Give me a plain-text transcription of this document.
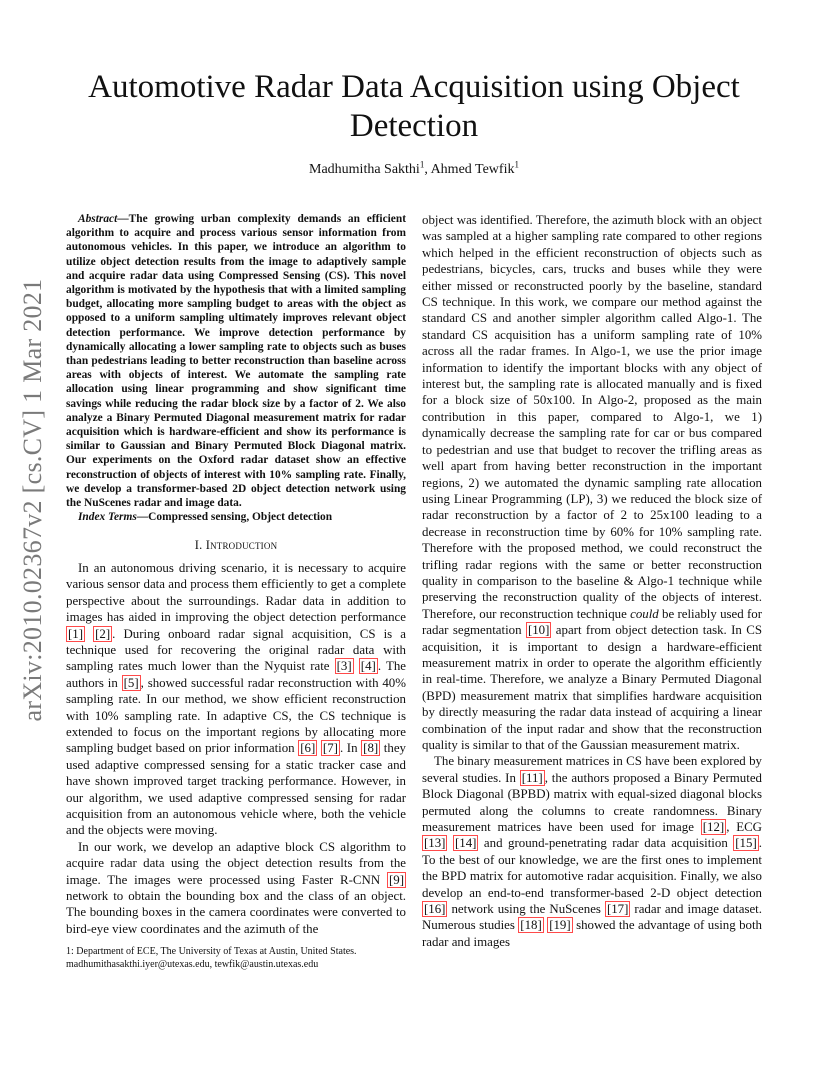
arXiv:2010.02367v2 [cs.CV] 1 Mar 2021
Automotive Radar Data Acquisition using Object Detection
Madhumitha Sakthi$^1$, Ahmed Tewfik$^1$

Abstract—The growing urban complexity demands an efficient algorithm to acquire and process various sensor information from autonomous vehicles. In this paper, we introduce an algorithm to utilize object detection results from the image to adaptively sample and acquire radar data using Compressed Sensing (CS). This novel algorithm is motivated by the hypothesis that with a limited sampling budget, allocating more sampling budget to areas with the object as opposed to a uniform sampling ultimately improves relevant object detection performance. We improve detection performance by dynamically allocating a lower sampling rate to objects such as buses than pedestrians leading to better reconstruction than baseline across areas with objects of interest. We automate the sampling rate allocation using linear programming and show significant time savings while reducing the radar block size by a factor of 2. We also analyze a Binary Permuted Diagonal measurement matrix for radar acquisition which is hardware-efficient and show its performance is similar to Gaussian and Binary Permuted Block Diagonal matrix. Our experiments on the Oxford radar dataset show an effective reconstruction of objects of interest with 10% sampling rate. Finally, we develop a transformer-based 2D object detection network using the NuScenes radar and image data.

Index Terms—Compressed sensing, Object detection

I. Introduction

In an autonomous driving scenario, it is necessary to acquire various sensor data and process them efficiently to get a complete perspective about the surroundings. Radar data in addition to images has aided in improving the object detection performance [1] [2] . During onboard radar signal acquisition, CS is a technique used for recovering the original radar data with sampling rates much lower than the Nyquist rate [3] [4] . The authors in [5] , showed successful radar reconstruction with 40% sampling rate. In our method, we show efficient reconstruction with 10% sampling rate. In adaptive CS, the CS technique is extended to focus on the important regions by allocating more sampling budget based on prior information [6] [7] . In [8] they used adaptive compressed sensing for a static tracker case and have shown improved target tracking performance. However, in our algorithm, we used adaptive compressed sensing for radar acquisition from an autonomous vehicle where, both the vehicle and the objects were moving.

In our work, we develop an adaptive block CS algorithm to acquire radar data using the object detection results from the image. The images were processed using Faster R-CNN [9] network to obtain the bounding box and the class of an object. The bounding boxes in the camera coordinates were converted to bird-eye view coordinates and the azimuth of the

1: Department of ECE, The University of Texas at Austin, United States. madhumithasakthi.iyer@utexas.edu, tewfik@austin.utexas.edu

object was identified. Therefore, the azimuth block with an object was sampled at a higher sampling rate compared to other regions which helped in the efficient reconstruction of objects such as pedestrians, bicycles, cars, trucks and buses while they were either missed or reconstructed poorly by the baseline, standard CS technique. In this work, we compare our method against the standard CS and another simpler algorithm called Algo-1. The standard CS acquisition has a uniform sampling rate of 10% across all the radar frames. In Algo-1, we use the prior image information to identify the important blocks with any object of interest but, the sampling rate is allocated manually and is fixed for a block size of 50x100. In Algo-2, proposed as the main contribution in this paper, compared to Algo-1, we 1) dynamically decrease the sampling rate for car or bus compared to pedestrian and use that budget to recover the trifling areas as well apart from having better reconstruction in the important regions, 2) we automated the dynamic sampling rate allocation using Linear Programming (LP), 3) we reduced the block size of radar reconstruction by a factor of 2 to 25x100 leading to a decrease in reconstruction time by 60% for 10% sampling rate. Therefore with the proposed method, we could reconstruct the trifling radar regions with the same or better reconstruction quality in comparison to the baseline & Algo-1 technique while preserving the reconstruction quality of the objects of interest. Therefore, our reconstruction technique could be reliably used for radar segmentation [10] apart from object detection task. In CS acquisition, it is important to design a hardware-efficient measurement matrix in order to operate the algorithm efficiently in real-time. Therefore, we analyze a Binary Permuted Diagonal (BPD) measurement matrix that simplifies hardware acquisition by directly measuring the radar data instead of acquiring a linear combination of the input radar and show that the reconstruction quality is similar to that of the Gaussian measurement matrix.

The binary measurement matrices in CS have been explored by several studies. In [11] , the authors proposed a Binary Permuted Block Diagonal (BPBD) matrix with equal-sized diagonal blocks permuted along the columns to create randomness. Binary measurement matrices have been used for image [12] , ECG [13] [14] and ground-penetrating radar data acquisition [15] . To the best of our knowledge, we are the first ones to implement the BPD matrix for automotive radar acquisition. Finally, we also develop an end-to-end transformer-based 2-D object detection [16] network using the NuScenes [17] radar and image dataset. Numerous studies [18] [19] showed the advantage of using both radar and images
